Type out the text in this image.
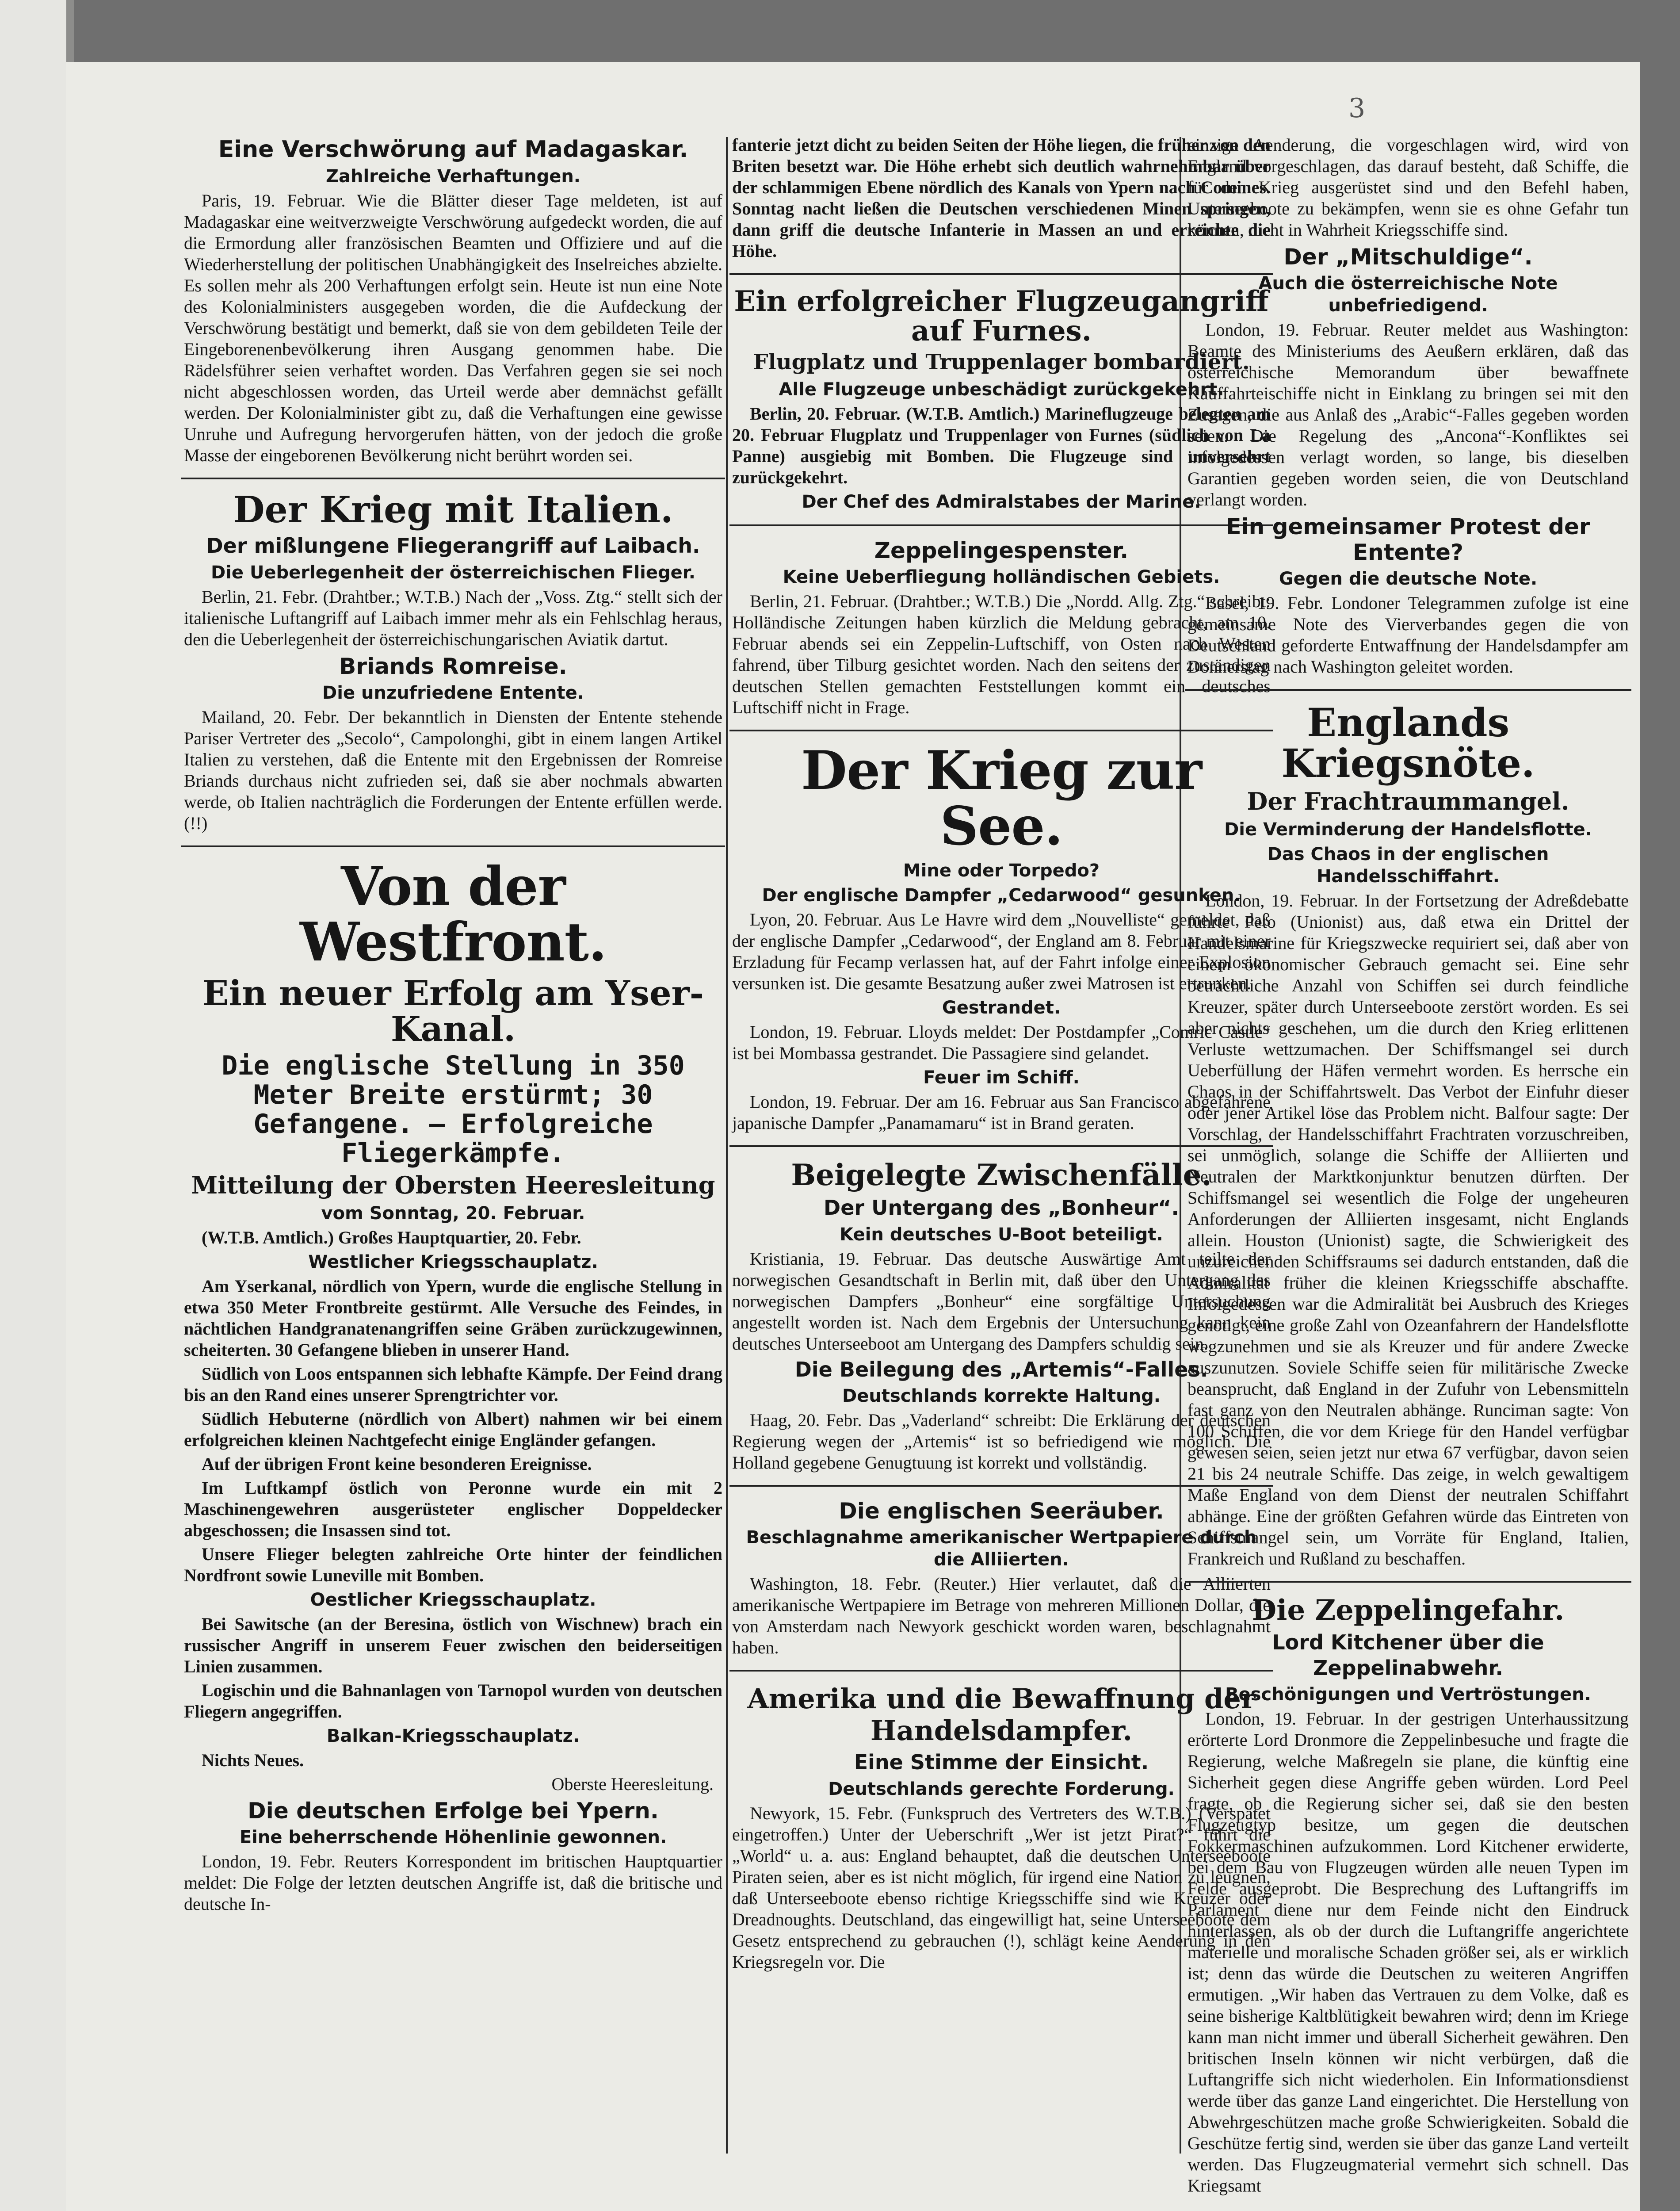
3
Eine Verschwörung auf Madagaskar.
Zahlreiche Verhaftungen.

Paris, 19. Februar. Wie die Blätter dieser Tage meldeten, ist auf Madagaskar eine weitverzweigte Verschwörung aufgedeckt worden, die auf die Ermordung aller französischen Beamten und Offiziere und auf die Wiederherstellung der politischen Unabhängigkeit des Inselreiches abzielte. Es sollen mehr als 200 Verhaftungen erfolgt sein. Heute ist nun eine Note des Kolonialministers ausgegeben worden, die die Aufdeckung der Verschwörung bestätigt und bemerkt, daß sie von dem gebildeten Teile der Eingeborenenbevölkerung ihren Ausgang genommen habe. Die Rädelsführer seien verhaftet worden. Das Verfahren gegen sie sei noch nicht abgeschlossen worden, das Urteil werde aber demnächst gefällt werden. Der Kolonialminister gibt zu, daß die Verhaftungen eine gewisse Unruhe und Aufregung hervorgerufen hätten, von der jedoch die große Masse der eingeborenen Bevölkerung nicht berührt worden sei.

Der Krieg mit Italien.
Der mißlungene Fliegerangriff auf Laibach.
Die Ueberlegenheit der österreichischen Flieger.

Berlin, 21. Febr. (Drahtber.; W.T.B.) Nach der „Voss. Ztg.“ stellt sich der italienische Luftangriff auf Laibach immer mehr als ein Fehlschlag heraus, den die Ueberlegenheit der österreichischungarischen Aviatik dartut.

Briands Romreise.
Die unzufriedene Entente.

Mailand, 20. Febr. Der bekanntlich in Diensten der Entente stehende Pariser Vertreter des „Secolo“, Campolonghi, gibt in einem langen Artikel Italien zu verstehen, daß die Entente mit den Ergebnissen der Romreise Briands durchaus nicht zufrieden sei, daß sie aber nochmals abwarten werde, ob Italien nachträglich die Forderungen der Entente erfüllen werde. (!!)

Von der Westfront.
Ein neuer Erfolg am Yser-Kanal.
Die englische Stellung in 350 Meter Breite erstürmt; 30 Gefangene. – Erfolgreiche Fliegerkämpfe.
Mitteilung der Obersten Heeresleitung
vom Sonntag, 20. Februar.

(W.T.B. Amtlich.) Großes Hauptquartier, 20. Febr.

Westlicher Kriegsschauplatz.

Am Yserkanal, nördlich von Ypern, wurde die englische Stellung in etwa 350 Meter Frontbreite gestürmt. Alle Versuche des Feindes, in nächtlichen Handgranatenangriffen seine Gräben zurückzugewinnen, scheiterten. 30 Gefangene blieben in unserer Hand.

Südlich von Loos entspannen sich lebhafte Kämpfe. Der Feind drang bis an den Rand eines unserer Sprengtrichter vor.

Südlich Hebuterne (nördlich von Albert) nahmen wir bei einem erfolgreichen kleinen Nachtgefecht einige Engländer gefangen.

Auf der übrigen Front keine besonderen Ereignisse.

Im Luftkampf östlich von Peronne wurde ein mit 2 Maschinengewehren ausgerüsteter englischer Doppeldecker abgeschossen; die Insassen sind tot.

Unsere Flieger belegten zahlreiche Orte hinter der feindlichen Nordfront sowie Luneville mit Bomben.

Oestlicher Kriegsschauplatz.

Bei Sawitsche (an der Beresina, östlich von Wischnew) brach ein russischer Angriff in unserem Feuer zwischen den beiderseitigen Linien zusammen.

Logischin und die Bahnanlagen von Tarnopol wurden von deutschen Fliegern angegriffen.

Balkan-Kriegsschauplatz.

Nichts Neues.

Oberste Heeresleitung.
Die deutschen Erfolge bei Ypern.
Eine beherrschende Höhenlinie gewonnen.

London, 19. Febr. Reuters Korrespondent im britischen Hauptquartier meldet: Die Folge der letzten deutschen Angriffe ist, daß die britische und deutsche In-

fanterie jetzt dicht zu beiden Seiten der Höhe liegen, die früher von den Briten besetzt war. Die Höhe erhebt sich deutlich wahrnehmbar über der schlammigen Ebene nördlich des Kanals von Ypern nach Comines. Sonntag nacht ließen die Deutschen verschiedenen Minen springen, dann griff die deutsche Infanterie in Massen an und erreichte die Höhe.

Ein erfolgreicher Flugzeugangriff auf Furnes.
Flugplatz und Truppenlager bombardiert.
Alle Flugzeuge unbeschädigt zurückgekehrt.

Berlin, 20. Februar. (W.T.B. Amtlich.) Marineflugzeuge belegten am 20. Februar Flugplatz und Truppenlager von Furnes (südlich von La Panne) ausgiebig mit Bomben. Die Flugzeuge sind unversehrt zurückgekehrt.

Der Chef des Admiralstabes der Marine.
Zeppelingespenster.
Keine Ueberfliegung holländischen Gebiets.

Berlin, 21. Februar. (Drahtber.; W.T.B.) Die „Nordd. Allg. Ztg.“ schreibt: Holländische Zeitungen haben kürzlich die Meldung gebracht, am 10. Februar abends sei ein Zeppelin-Luftschiff, von Osten nach Westen fahrend, über Tilburg gesichtet worden. Nach den seitens der zuständigen deutschen Stellen gemachten Feststellungen kommt ein deutsches Luftschiff nicht in Frage.

Der Krieg zur See.
Mine oder Torpedo?
Der englische Dampfer „Cedarwood“ gesunken.

Lyon, 20. Februar. Aus Le Havre wird dem „Nouvelliste“ gemeldet, daß der englische Dampfer „Cedarwood“, der England am 8. Februar mit einer Erzladung für Fecamp verlassen hat, auf der Fahrt infolge einer Explosion versunken ist. Die gesamte Besatzung außer zwei Matrosen ist ertrunken.

Gestrandet.

London, 19. Februar. Lloyds meldet: Der Postdampfer „Comric Castle“ ist bei Mombassa gestrandet. Die Passagiere sind gelandet.

Feuer im Schiff.

London, 19. Februar. Der am 16. Februar aus San Francisco abgefahrene japanische Dampfer „Panamamaru“ ist in Brand geraten.

Beigelegte Zwischenfälle.
Der Untergang des „Bonheur“.
Kein deutsches U-Boot beteiligt.

Kristiania, 19. Februar. Das deutsche Auswärtige Amt teilte der norwegischen Gesandtschaft in Berlin mit, daß über den Untergang des norwegischen Dampfers „Bonheur“ eine sorgfältige Untersuchung angestellt worden ist. Nach dem Ergebnis der Untersuchung kann kein deutsches Unterseeboot am Untergang des Dampfers schuldig sein.

Die Beilegung des „Artemis“-Falles.
Deutschlands korrekte Haltung.

Haag, 20. Febr. Das „Vaderland“ schreibt: Die Erklärung der deutschen Regierung wegen der „Artemis“ ist so befriedigend wie möglich. Die Holland gegebene Genugtuung ist korrekt und vollständig.

Die englischen Seeräuber.
Beschlagnahme amerikanischer Wertpapiere durch die Alliierten.

Washington, 18. Febr. (Reuter.) Hier verlautet, daß die Alliierten amerikanische Wertpapiere im Betrage von mehreren Millionen Dollar, die von Amsterdam nach Newyork geschickt worden waren, beschlagnahmt haben.

Amerika und die Bewaffnung der Handelsdampfer.
Eine Stimme der Einsicht.
Deutschlands gerechte Forderung.

Newyork, 15. Febr. (Funkspruch des Vertreters des W.T.B.) (Verspätet eingetroffen.) Unter der Ueberschrift „Wer ist jetzt Pirat?“ führt die „World“ u. a. aus: England behauptet, daß die deutschen Unterseeboote Piraten seien, aber es ist nicht möglich, für irgend eine Nation zu leugnen, daß Unterseeboote ebenso richtige Kriegsschiffe sind wie Kreuzer oder Dreadnoughts. Deutschland, das eingewilligt hat, seine Unterseeboote dem Gesetz entsprechend zu gebrauchen (!), schlägt keine Aenderung in den Kriegsregeln vor. Die

einzige Aenderung, die vorgeschlagen wird, wird von England vorgeschlagen, das darauf besteht, daß Schiffe, die für den Krieg ausgerüstet sind und den Befehl haben, Unterseeboote zu bekämpfen, wenn sie es ohne Gefahr tun können, nicht in Wahrheit Kriegsschiffe sind.

Der „Mitschuldige“.
Auch die österreichische Note unbefriedigend.

London, 19. Februar. Reuter meldet aus Washington: Beamte des Ministeriums des Aeußern erklären, daß das österreichische Memorandum über bewaffnete Kauffahrteischiffe nicht in Einklang zu bringen sei mit den Zusagen, die aus Anlaß des „Arabic“-Falles gegeben worden seien. Die Regelung des „Ancona“-Konfliktes sei infolgedessen verlagt worden, so lange, bis dieselben Garantien gegeben worden seien, die von Deutschland verlangt worden.

Ein gemeinsamer Protest der Entente?
Gegen die deutsche Note.

Basel, 19. Febr. Londoner Telegrammen zufolge ist eine gemeinsame Note des Vierverbandes gegen die von Deutschland geforderte Entwaffnung der Handelsdampfer am Donnerstag nach Washington geleitet worden.

Englands Kriegsnöte.
Der Frachtraummangel.
Die Verminderung der Handelsflotte.
Das Chaos in der englischen Handelsschiffahrt.

London, 19. Februar. In der Fortsetzung der Adreßdebatte führte Peto (Unionist) aus, daß etwa ein Drittel der Handelsmarine für Kriegszwecke requiriert sei, daß aber von einem ökonomischer Gebrauch gemacht sei. Eine sehr beträchtliche Anzahl von Schiffen sei durch feindliche Kreuzer, später durch Unterseeboote zerstört worden. Es sei aber nichts geschehen, um die durch den Krieg erlittenen Verluste wettzumachen. Der Schiffsmangel sei durch Ueberfüllung der Häfen vermehrt worden. Es herrsche ein Chaos in der Schiffahrtswelt. Das Verbot der Einfuhr dieser oder jener Artikel löse das Problem nicht. Balfour sagte: Der Vorschlag, der Handelsschiffahrt Frachtraten vorzuschreiben, sei unmöglich, solange die Schiffe der Alliierten und Neutralen der Marktkonjunktur benutzen dürften. Der Schiffsmangel sei wesentlich die Folge der ungeheuren Anforderungen der Alliierten insgesamt, nicht Englands allein. Houston (Unionist) sagte, die Schwierigkeit des unzureichenden Schiffsraums sei dadurch entstanden, daß die Admiralität früher die kleinen Kriegsschiffe abschaffte. Infolgedessen war die Admiralität bei Ausbruch des Krieges genötigt, eine große Zahl von Ozeanfahrern der Handelsflotte wegzunehmen und sie als Kreuzer und für andere Zwecke auszunutzen. Soviele Schiffe seien für militärische Zwecke beansprucht, daß England in der Zufuhr von Lebensmitteln fast ganz von den Neutralen abhänge. Runciman sagte: Von 100 Schiffen, die vor dem Kriege für den Handel verfügbar gewesen seien, seien jetzt nur etwa 67 verfügbar, davon seien 21 bis 24 neutrale Schiffe. Das zeige, in welch gewaltigem Maße England von dem Dienst der neutralen Schiffahrt abhänge. Eine der größten Gefahren würde das Eintreten von Schiffsmangel sein, um Vorräte für England, Italien, Frankreich und Rußland zu beschaffen.

Die Zeppelingefahr.
Lord Kitchener über die Zeppelinabwehr.
Beschönigungen und Vertröstungen.

London, 19. Februar. In der gestrigen Unterhaussitzung erörterte Lord Dronmore die Zeppelinbesuche und fragte die Regierung, welche Maßregeln sie plane, die künftig eine Sicherheit gegen diese Angriffe geben würden. Lord Peel fragte, ob die Regierung sicher sei, daß sie den besten Flugzeugtyp besitze, um gegen die deutschen Fokkermaschinen aufzukommen. Lord Kitchener erwiderte, bei dem Bau von Flugzeugen würden alle neuen Typen im Felde ausgeprobt. Die Besprechung des Luftangriffs im Parlament diene nur dem Feinde nicht den Eindruck hinterlassen, als ob der durch die Luftangriffe angerichtete materielle und moralische Schaden größer sei, als er wirklich ist; denn das würde die Deutschen zu weiteren Angriffen ermutigen. „Wir haben das Vertrauen zu dem Volke, daß es seine bisherige Kaltblütigkeit bewahren wird; denn im Kriege kann man nicht immer und überall Sicherheit gewähren. Den britischen Inseln können wir nicht verbürgen, daß die Luftangriffe sich nicht wiederholen. Ein Informationsdienst werde über das ganze Land eingerichtet. Die Herstellung von Abwehrgeschützen mache große Schwierigkeiten. Sobald die Geschütze fertig sind, werden sie über das ganze Land verteilt werden. Das Flugzeugmaterial vermehrt sich schnell. Das Kriegsamt
